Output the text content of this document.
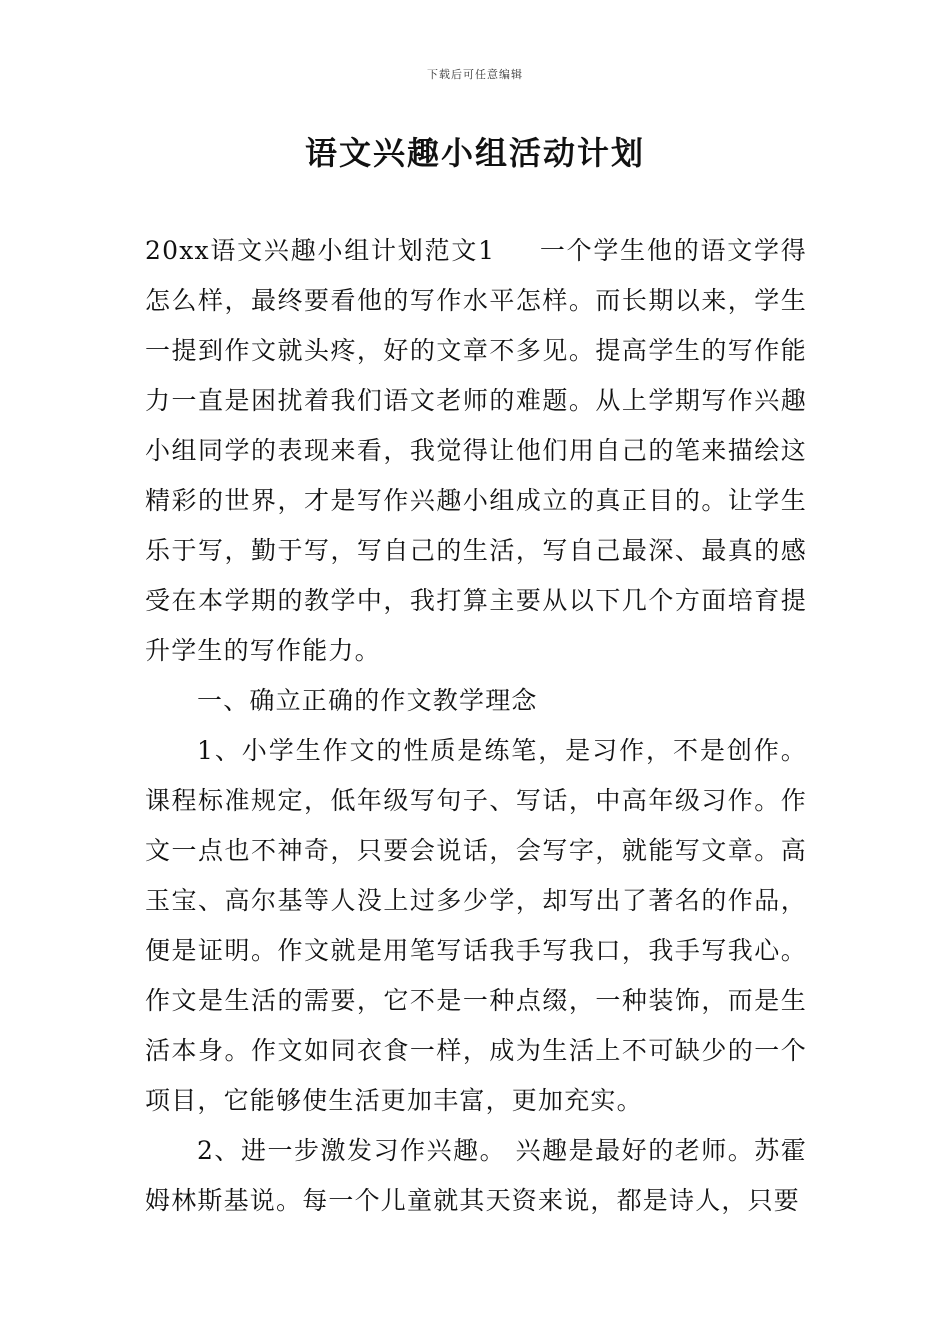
下载后可任意编辑
语文兴趣小组活动计划

20xx语文兴趣小组计划范文1 一个学生他的语文学得怎么样，最终要看他的写作水平怎样。而长期以来，学生一提到作文就头疼，好的文章不多见。提高学生的写作能力一直是困扰着我们语文老师的难题。从上学期写作兴趣小组同学的表现来看，我觉得让他们用自己的笔来描绘这精彩的世界，才是写作兴趣小组成立的真正目的。让学生乐于写，勤于写，写自己的生活，写自己最深、最真的感受在本学期的教学中，我打算主要从以下几个方面培育提升学生的写作能力。

一、确立正确的作文教学理念

1、小学生作文的性质是练笔，是习作，不是创作。课程标准规定，低年级写句子、写话，中高年级习作。作文一点也不神奇，只要会说话，会写字，就能写文章。高玉宝、高尔基等人没上过多少学，却写出了著名的作品，便是证明。作文就是用笔写话我手写我口，我手写我心。作文是生活的需要，它不是一种点缀，一种装饰，而是生活本身。作文如同衣食一样，成为生活上不可缺少的一个项目，它能够使生活更加丰富，更加充实。

2、进一步激发习作兴趣。 兴趣是最好的老师。苏霍姆林斯基说。每一个儿童就其天资来说，都是诗人，只要
